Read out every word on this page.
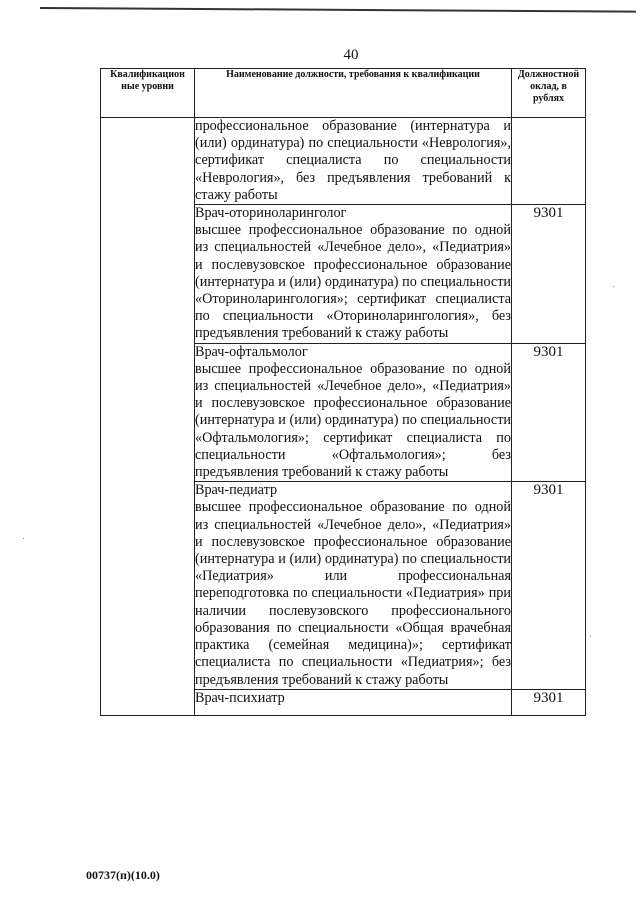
40
Квалификацион
ные уровни	Наименование должности, требования к квалификации	Должностной
оклад, в
рублях
	профессиональное образование (интернатура и (или) ординатура) по специальности «Неврология», сертификат специалиста по специальности «Неврология», без предъявления требований к стажу работы	

	Врач-оториноларинголог
высшее профессиональное образование по одной из специальностей «Лечебное дело», «Педиатрия» и послевузовское профессиональное образование (интернатура и (или) ординатура) по специальности «Оториноларингология»; сертификат специалиста по специальности «Оториноларингология», без предъявления требований к стажу работы	9301

	Врач-офтальмолог
высшее профессиональное образование по одной из специальностей «Лечебное дело», «Педиатрия» и послевузовское профессиональное образование (интернатура и (или) ординатура) по специальности «Офтальмология»; сертификат специалиста по специальности «Офтальмология»; без предъявления требований к стажу работы	9301

	Врач-педиатр
высшее профессиональное образование по одной из специальностей «Лечебное дело», «Педиатрия» и послевузовское профессиональное образование (интернатура и (или) ординатура) по специальности «Педиатрия» или профессиональная переподготовка по специальности «Педиатрия» при наличии послевузовского профессионального образования по специальности «Общая врачебная практика (семейная медицина)»; сертификат специалиста по специальности «Педиатрия»; без предъявления требований к стажу работы	9301

	Врач-психиатр	9301
00737(п)(10.0)
